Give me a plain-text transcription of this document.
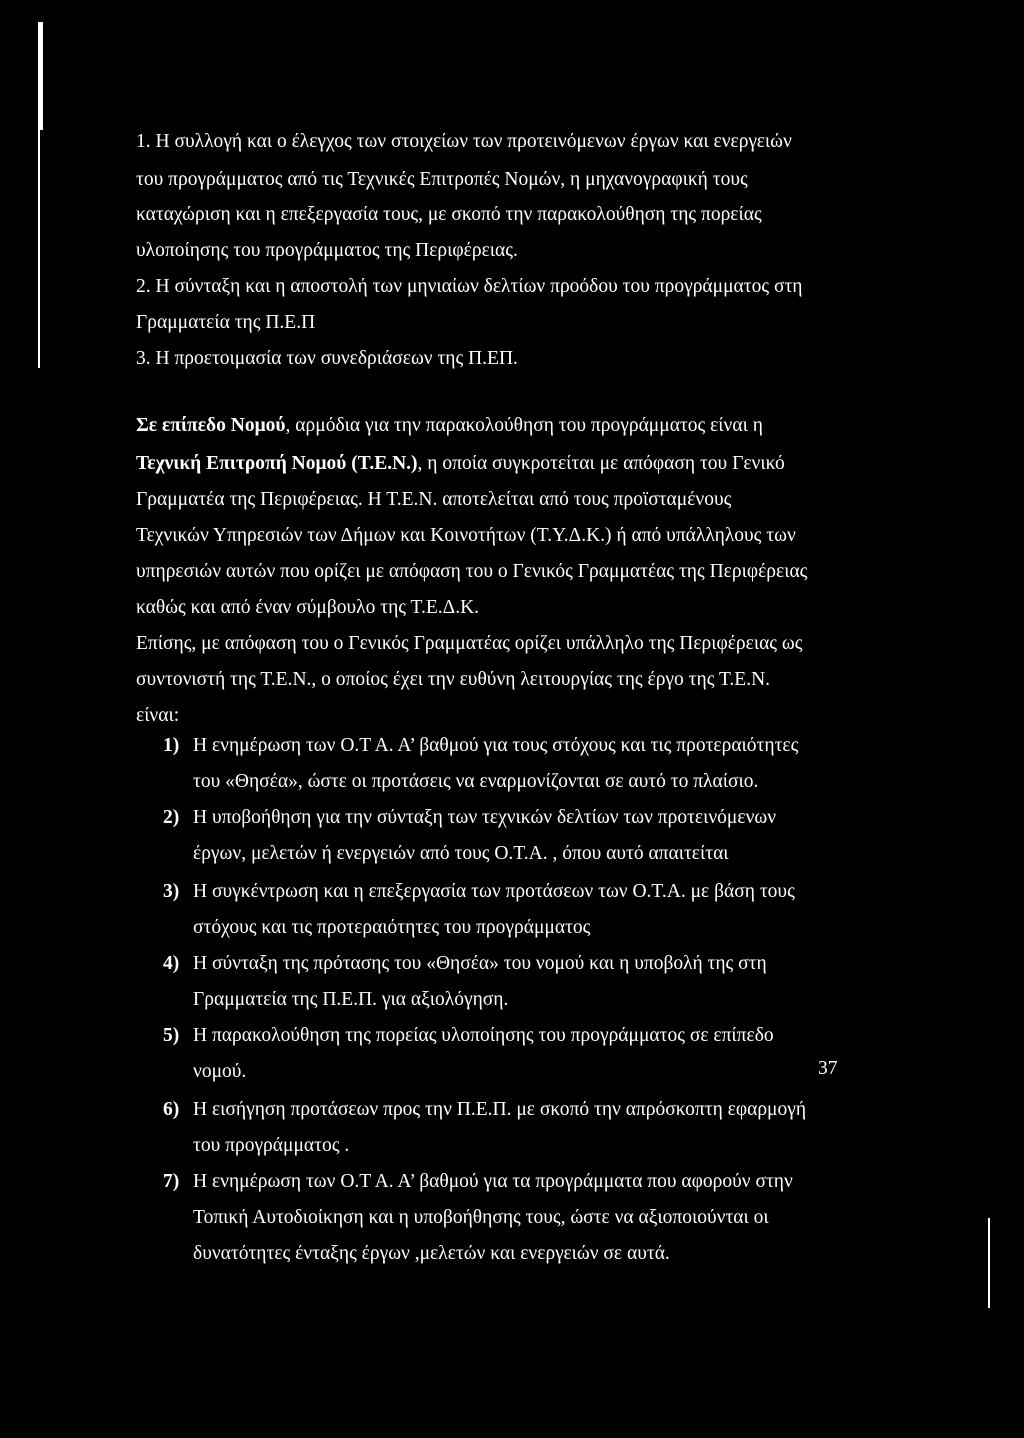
1. Η συλλογή και ο έλεγχος των στοιχείων των προτεινόμενων έργων και ενεργειών
του προγράμματος από τις Τεχνικές Επιτροπές Νομών, η μηχανογραφική τους
καταχώριση και η επεξεργασία τους, με σκοπό την παρακολούθηση της πορείας
υλοποίησης του προγράμματος της Περιφέρειας.
2. Η σύνταξη και η αποστολή των μηνιαίων δελτίων προόδου του προγράμματος στη
Γραμματεία της Π.Ε.Π
3. Η προετοιμασία των συνεδριάσεων της Π.ΕΠ.
Σε επίπεδο Νομού, αρμόδια για την παρακολούθηση του προγράμματος είναι η
Τεχνική Επιτροπή Νομού (Τ.Ε.Ν.), η οποία συγκροτείται με απόφαση του Γενικό
Γραμματέα της Περιφέρειας. Η Τ.Ε.Ν. αποτελείται από τους προϊσταμένους
Τεχνικών Υπηρεσιών των Δήμων και Κοινοτήτων (Τ.Υ.Δ.Κ.) ή από υπάλληλους των
υπηρεσιών αυτών που ορίζει με απόφαση του ο Γενικός Γραμματέας της Περιφέρειας
καθώς και από έναν σύμβουλο της Τ.Ε.Δ.Κ.
Επίσης, με απόφαση του ο Γενικός Γραμματέας ορίζει υπάλληλο της Περιφέρειας ως
συντονιστή της Τ.Ε.Ν., ο οποίος έχει την ευθύνη λειτουργίας της έργο της Τ.Ε.Ν.
είναι:
1) Η ενημέρωση των Ο.Τ Α. Α’ βαθμού για τους στόχους και τις προτεραιότητες
του «Θησέα», ώστε οι προτάσεις να εναρμονίζονται σε αυτό το πλαίσιο.
2) Η υποβοήθηση για την σύνταξη των τεχνικών δελτίων των προτεινόμενων
έργων, μελετών ή ενεργειών από τους Ο.Τ.Α. , όπου αυτό απαιτείται
3) Η συγκέντρωση και η επεξεργασία των προτάσεων των Ο.Τ.Α. με βάση τους
στόχους και τις προτεραιότητες του προγράμματος
4) Η σύνταξη της πρότασης του «Θησέα» του νομού και η υποβολή της στη
Γραμματεία της Π.Ε.Π. για αξιολόγηση.
5) Η παρακολούθηση της πορείας υλοποίησης του προγράμματος σε επίπεδο
νομού.
6) Η εισήγηση προτάσεων προς την Π.Ε.Π. με σκοπό την απρόσκοπτη εφαρμογή
του προγράμματος .
7) Η ενημέρωση των Ο.Τ Α. Α’ βαθμού για τα προγράμματα που αφορούν στην
Τοπική Αυτοδιοίκηση και η υποβοήθησης τους, ώστε να αξιοποιούνται οι
δυνατότητες ένταξης έργων ,μελετών και ενεργειών σε αυτά.
37
